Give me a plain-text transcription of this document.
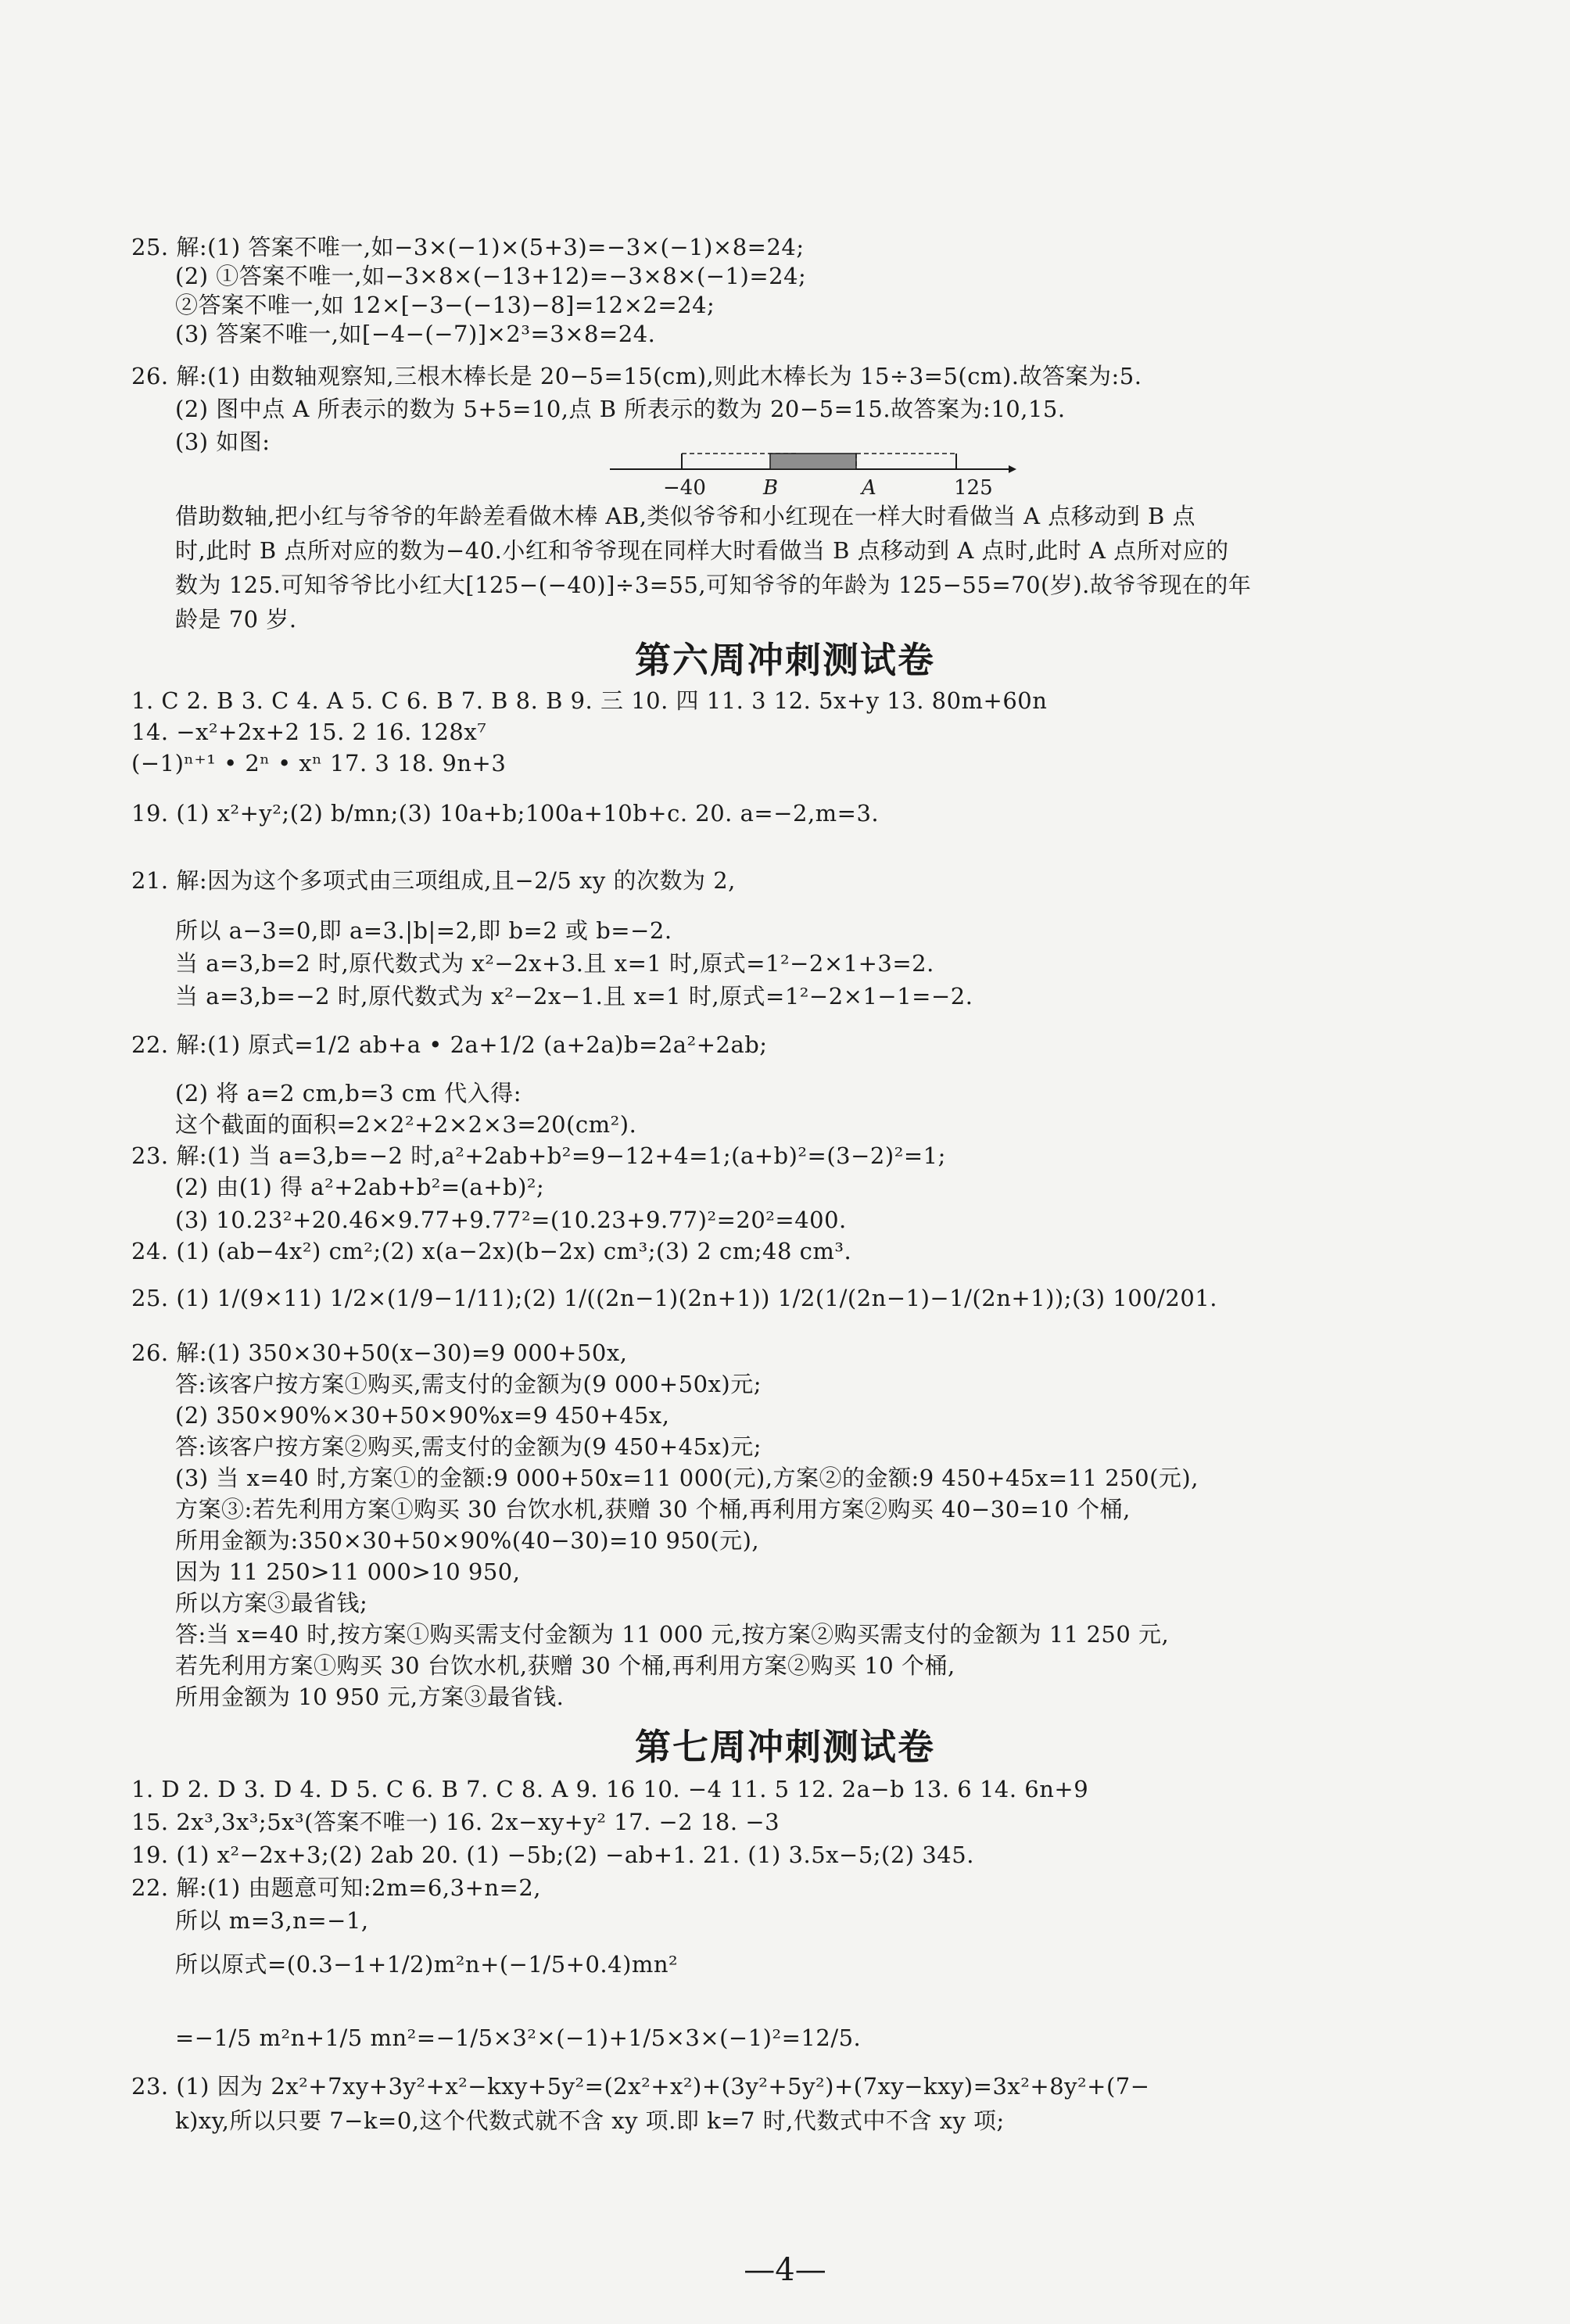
25. 解:(1) 答案不唯一,如−3×(−1)×(5+3)=−3×(−1)×8=24;
(2) ①答案不唯一,如−3×8×(−13+12)=−3×8×(−1)=24;
②答案不唯一,如 12×[−3−(−13)−8]=12×2=24;
(3) 答案不唯一,如[−4−(−7)]×2³=3×8=24.
26. 解:(1) 由数轴观察知,三根木棒长是 20−5=15(cm),则此木棒长为 15÷3=5(cm).故答案为:5.
(2) 图中点 A 所表示的数为 5+5=10,点 B 所表示的数为 20−5=15.故答案为:10,15.
(3) 如图:
−40	B	A	125
借助数轴,把小红与爷爷的年龄差看做木棒 AB,类似爷爷和小红现在一样大时看做当 A 点移动到 B 点
时,此时 B 点所对应的数为−40.小红和爷爷现在同样大时看做当 B 点移动到 A 点时,此时 A 点所对应的
数为 125.可知爷爷比小红大[125−(−40)]÷3=55,可知爷爷的年龄为 125−55=70(岁).故爷爷现在的年
龄是 70 岁.
第六周冲刺测试卷
1. C 2. B 3. C 4. A 5. C 6. B 7. B 8. B 9. 三 10. 四 11. 3 12. 5x+y 13. 80m+60n
14. −x²+2x+2 15. 2 16. 128x⁷
(−1)ⁿ⁺¹ • 2ⁿ • xⁿ 17. 3 18. 9n+3
19. (1) x²+y²;(2) b/mn;(3) 10a+b;100a+10b+c. 20. a=−2,m=3.
21. 解:因为这个多项式由三项组成,且−2/5 xy 的次数为 2,
所以 a−3=0,即 a=3.|b|=2,即 b=2 或 b=−2.
当 a=3,b=2 时,原代数式为 x²−2x+3.且 x=1 时,原式=1²−2×1+3=2.
当 a=3,b=−2 时,原代数式为 x²−2x−1.且 x=1 时,原式=1²−2×1−1=−2.
22. 解:(1) 原式=1/2 ab+a • 2a+1/2 (a+2a)b=2a²+2ab;
(2) 将 a=2 cm,b=3 cm 代入得:
这个截面的面积=2×2²+2×2×3=20(cm²).
23. 解:(1) 当 a=3,b=−2 时,a²+2ab+b²=9−12+4=1;(a+b)²=(3−2)²=1;
(2) 由(1) 得 a²+2ab+b²=(a+b)²;
(3) 10.23²+20.46×9.77+9.77²=(10.23+9.77)²=20²=400.
24. (1) (ab−4x²) cm²;(2) x(a−2x)(b−2x) cm³;(3) 2 cm;48 cm³.
25. (1) 1/(9×11) 1/2×(1/9−1/11);(2) 1/((2n−1)(2n+1)) 1/2(1/(2n−1)−1/(2n+1));(3) 100/201.
26. 解:(1) 350×30+50(x−30)=9 000+50x,
答:该客户按方案①购买,需支付的金额为(9 000+50x)元;
(2) 350×90%×30+50×90%x=9 450+45x,
答:该客户按方案②购买,需支付的金额为(9 450+45x)元;
(3) 当 x=40 时,方案①的金额:9 000+50x=11 000(元),方案②的金额:9 450+45x=11 250(元),
方案③:若先利用方案①购买 30 台饮水机,获赠 30 个桶,再利用方案②购买 40−30=10 个桶,
所用金额为:350×30+50×90%(40−30)=10 950(元),
因为 11 250>11 000>10 950,
所以方案③最省钱;
答:当 x=40 时,按方案①购买需支付金额为 11 000 元,按方案②购买需支付的金额为 11 250 元,
若先利用方案①购买 30 台饮水机,获赠 30 个桶,再利用方案②购买 10 个桶,
所用金额为 10 950 元,方案③最省钱.
第七周冲刺测试卷
1. D 2. D 3. D 4. D 5. C 6. B 7. C 8. A 9. 16 10. −4 11. 5 12. 2a−b 13. 6 14. 6n+9
15. 2x³,3x³;5x³(答案不唯一) 16. 2x−xy+y² 17. −2 18. −3
19. (1) x²−2x+3;(2) 2ab 20. (1) −5b;(2) −ab+1. 21. (1) 3.5x−5;(2) 345.
22. 解:(1) 由题意可知:2m=6,3+n=2,
所以 m=3,n=−1,
所以原式=(0.3−1+1/2)m²n+(−1/5+0.4)mn²
=−1/5 m²n+1/5 mn²=−1/5×3²×(−1)+1/5×3×(−1)²=12/5.
23. (1) 因为 2x²+7xy+3y²+x²−kxy+5y²=(2x²+x²)+(3y²+5y²)+(7xy−kxy)=3x²+8y²+(7−
k)xy,所以只要 7−k=0,这个代数式就不含 xy 项.即 k=7 时,代数式中不含 xy 项;
—4—
